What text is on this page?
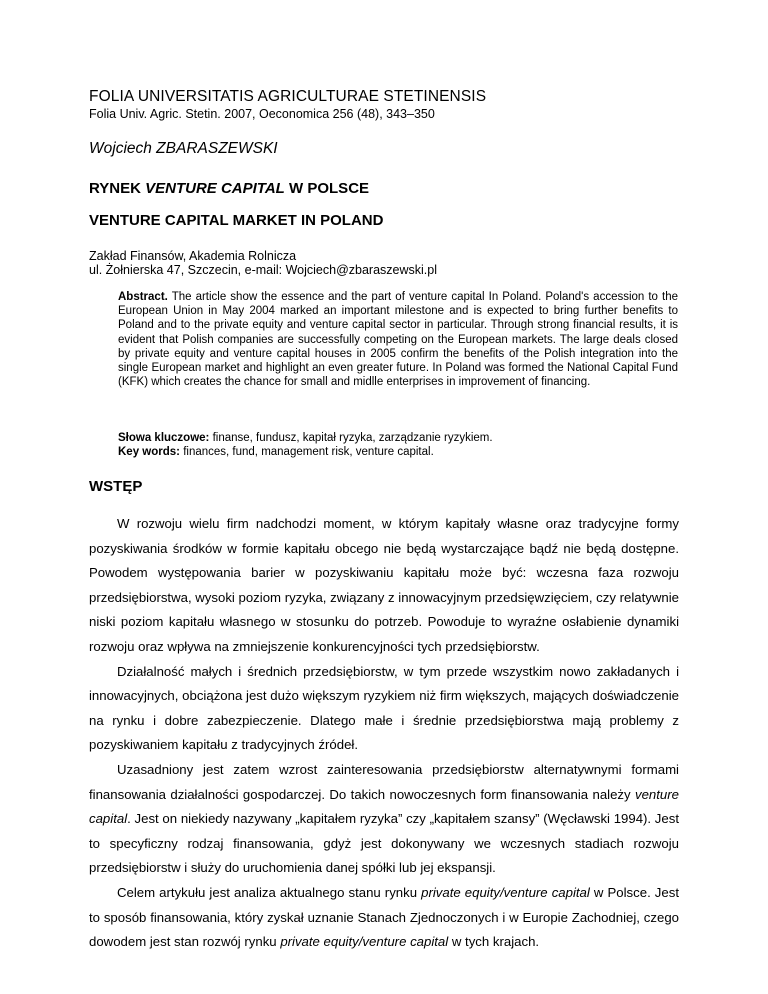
FOLIA UNIVERSITATIS AGRICULTURAE STETINENSIS
Folia Univ. Agric. Stetin. 2007, Oeconomica 256 (48), 343–350
Wojciech ZBARASZEWSKI
RYNEK VENTURE CAPITAL W POLSCE
VENTURE CAPITAL MARKET IN POLAND
Zakład Finansów, Akademia Rolnicza
ul. Żołnierska 47, Szczecin, e-mail: Wojciech@zbaraszewski.pl
Abstract. The article show the essence and the part of venture capital In Poland. Poland's accession to the European Union in May 2004 marked an important milestone and is expected to bring further benefits to Poland and to the private equity and venture capital sector in particular. Through strong financial results, it is evident that Polish companies are successfully competing on the European markets. The large deals closed by private equity and venture capital houses in 2005 confirm the benefits of the Polish integration into the single European market and highlight an even greater future. In Poland was formed the National Capital Fund (KFK) which creates the chance for small and midlle enterprises in improvement of financing.
Słowa kluczowe: finanse, fundusz, kapitał ryzyka, zarządzanie ryzykiem.
Key words: finances, fund, management risk, venture capital.
WSTĘP

W rozwoju wielu firm nadchodzi moment, w którym kapitały własne oraz tradycyjne formy pozyskiwania środków w formie kapitału obcego nie będą wystarczające bądź nie będą dostępne. Powodem występowania barier w pozyskiwaniu kapitału może być: wczesna faza rozwoju przedsiębiorstwa, wysoki poziom ryzyka, związany z innowacyjnym przedsięwzięciem, czy relatywnie niski poziom kapitału własnego w stosunku do potrzeb. Powoduje to wyraźne osłabienie dynamiki rozwoju oraz wpływa na zmniejszenie konkurencyjności tych przedsiębiorstw.

Działalność małych i średnich przedsiębiorstw, w tym przede wszystkim nowo zakładanych i innowacyjnych, obciążona jest dużo większym ryzykiem niż firm większych, mających doświadczenie na rynku i dobre zabezpieczenie. Dlatego małe i średnie przedsiębiorstwa mają problemy z pozyskiwaniem kapitału z tradycyjnych źródeł.

Uzasadniony jest zatem wzrost zainteresowania przedsiębiorstw alternatywnymi formami finansowania działalności gospodarczej. Do takich nowoczesnych form finansowania należy venture capital. Jest on niekiedy nazywany „kapitałem ryzyka” czy „kapitałem szansy” (Węcławski 1994). Jest to specyficzny rodzaj finansowania, gdyż jest dokonywany we wczesnych stadiach rozwoju przedsiębiorstw i służy do uruchomienia danej spółki lub jej ekspansji.

Celem artykułu jest analiza aktualnego stanu rynku private equity/venture capital w Polsce. Jest to sposób finansowania, który zyskał uznanie Stanach Zjednoczonych i w Europie Zachodniej, czego dowodem jest stan rozwój rynku private equity/venture capital w tych krajach.
